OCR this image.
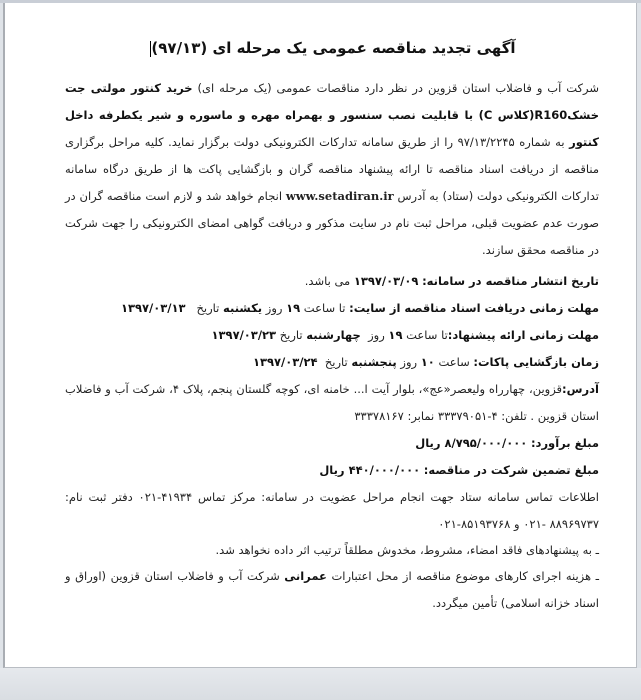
آگهی تجدید مناقصه عمومی یک مرحله ای (۹۷/۱۳)

شرکت آب و فاضلاب استان قزوین در نظر دارد مناقصات عمومی (یک مرحله ای) خرید کنتور مولتی جت خشکR160(کلاس C) با قابلیت نصب سنسور و بهمراه مهره و ماسوره و شیر یکطرفه داخل کنتور به شماره ۹۷/۱۳/۲۲۴۵ را از طریق سامانه تدارکات الکترونیکی دولت برگزار نماید. کلیه مراحل برگزاری مناقصه از دریافت اسناد مناقصه تا ارائه پیشنهاد مناقصه گران و بازگشایی پاکت ها از طریق درگاه سامانه تدارکات الکترونیکی دولت (ستاد) به آدرس www.setadiran.ir انجام خواهد شد و لازم است مناقصه گران در صورت عدم عضویت قبلی، مراحل ثبت نام در سایت مذکور و دریافت گواهی امضای الکترونیکی را جهت شرکت در مناقصه محقق سازند.

تاریخ انتشار مناقصه در سامانه: ۱۳۹۷/۰۳/۰۹ می باشد.

مهلت زمانی دریافت اسناد مناقصه از سایت: تا ساعت ۱۹ روز یکشنبه تاریخ   ۱۳۹۷/۰۳/۱۳

مهلت زمانی ارائه پیشنهاد:تا ساعت ۱۹ روز  چهارشنبه تاریخ ۱۳۹۷/۰۳/۲۳

زمان بازگشایی پاکات: ساعت ۱۰ روز پنجشنبه تاریخ  ۱۳۹۷/۰۳/۲۴

آدرس:قزوین، چهارراه ولیعصر«عج»، بلوار آیت ا... خامنه ای، کوچه گلستان پنجم، پلاک ۴، شرکت آب و فاضلاب استان قزوین . تلفن: ۴-۳۳۳۷۹۰۵۱ نمابر: ۳۳۳۷۸۱۶۷

مبلغ برآورد: ۸/۷۹۵/۰۰۰/۰۰۰ ریال

مبلغ تضمین شرکت در مناقصه: ۴۴۰/۰۰۰/۰۰۰ ریال

اطلاعات تماس سامانه ستاد جهت انجام مراحل عضویت در سامانه: مرکز تماس ۴۱۹۳۴-۰۲۱ دفتر ثبت نام: ۸۸۹۶۹۷۳۷ -۰۲۱ و ۸۵۱۹۳۷۶۸-۰۲۱

ـ به پیشنهادهای فاقد امضاء، مشروط، مخدوش مطلقاً ترتیب اثر داده نخواهد شد.

ـ هزینه اجرای کارهای موضوع مناقصه از محل اعتبارات عمرانی شرکت آب و فاضلاب استان قزوین (اوراق و اسناد خزانه اسلامی) تأمین میگردد.
